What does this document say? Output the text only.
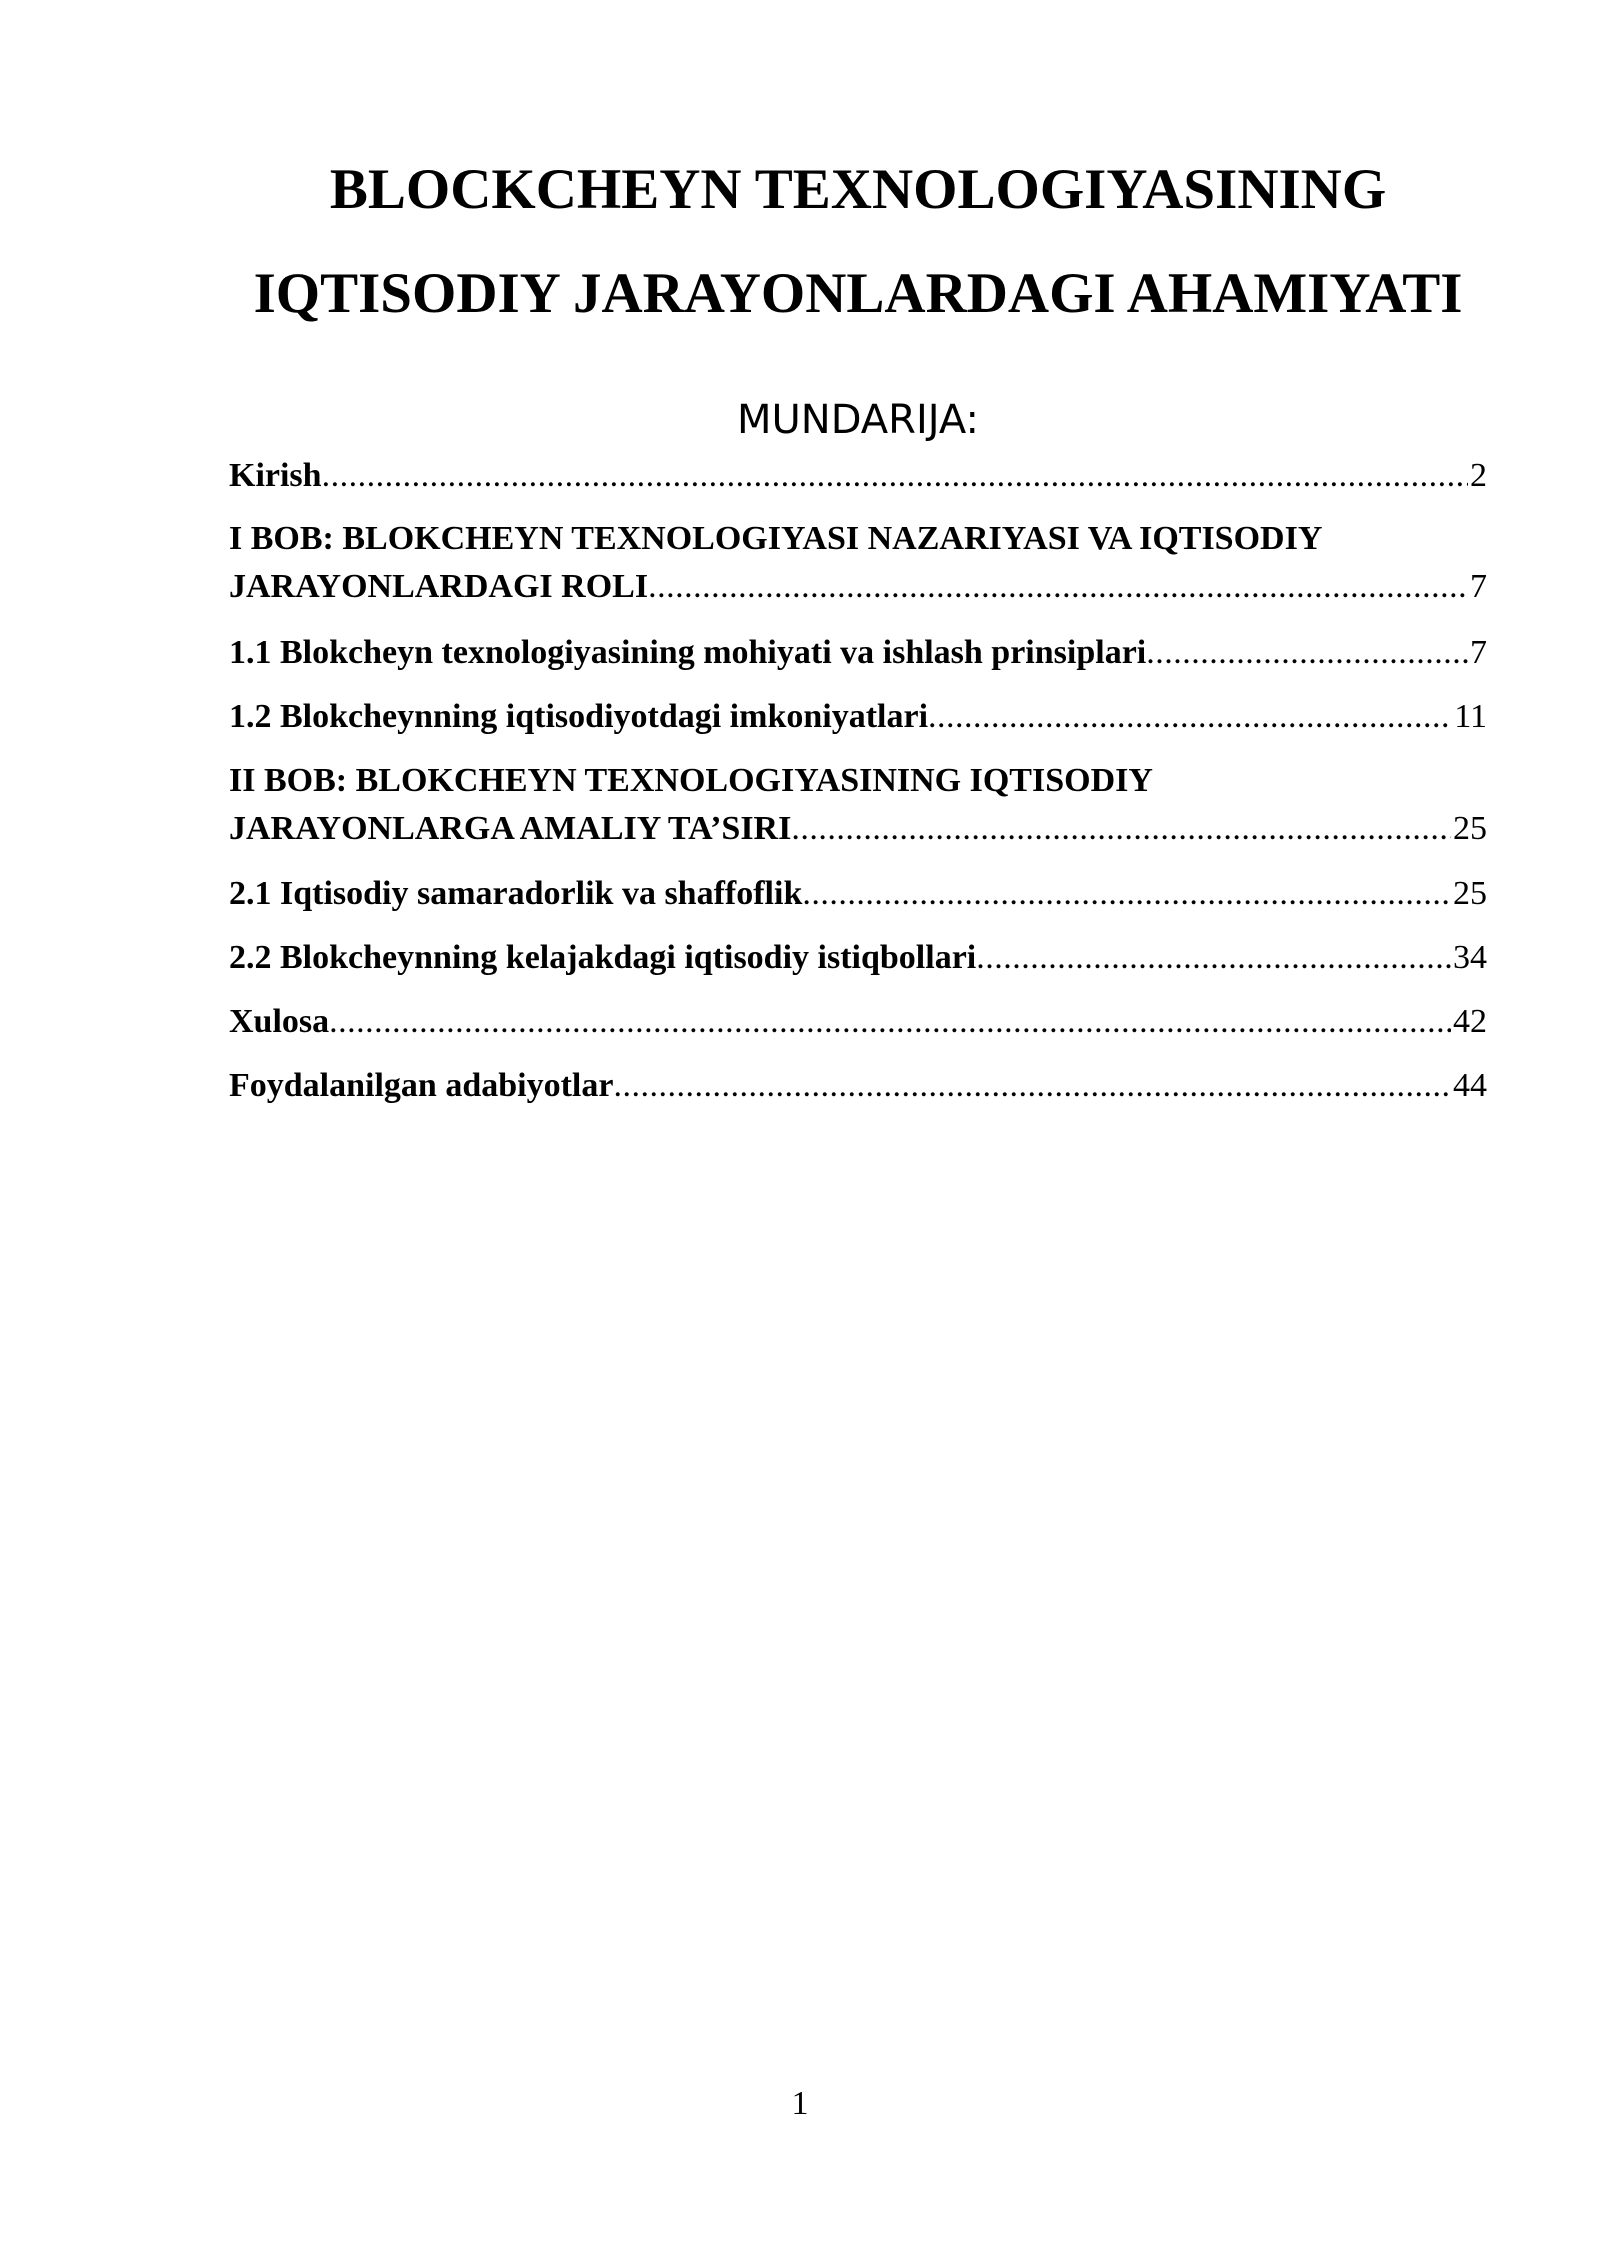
BLOCKCHEYN TEXNOLOGIYASINING
IQTISODIY JARAYONLARDAGI AHAMIYATI
MUNDARIJA:
Kirish .....	2
I BOB: BLOKCHEYN TEXNOLOGIYASI NAZARIYASI VA IQTISODIY
JARAYONLARDAGI ROLI .....	7
1.1 Blokcheyn texnologiyasining mohiyati va ishlash prinsiplari .....	7
1.2 Blokcheynning iqtisodiyotdagi imkoniyatlari .....	11
II BOB: BLOKCHEYN TEXNOLOGIYASINING IQTISODIY
JARAYONLARGA AMALIY TA’SIRI .....	25
2.1 Iqtisodiy samaradorlik va shaffoflik .....	25
2.2 Blokcheynning kelajakdagi iqtisodiy istiqbollari .....	34
Xulosa .....	42
Foydalanilgan adabiyotlar .....	44
1
